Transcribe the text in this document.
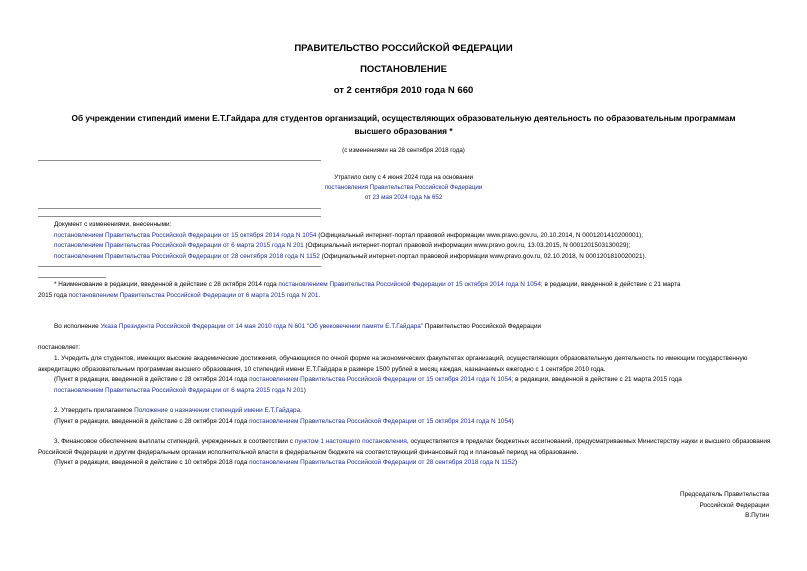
ПРАВИТЕЛЬСТВО РОССИЙСКОЙ ФЕДЕРАЦИИ
ПОСТАНОВЛЕНИЕ
от 2 сентября 2010 года N 660
Об учреждении стипендий имени Е.Т.Гайдара для студентов организаций, осуществляющих образовательную деятельность по образовательным программам
высшего образования *
(с изменениями на 28 сентября 2018 года)
Утратило силу с 4 июня 2024 года на основании
постановления Правительства Российской Федерации
от 23 мая 2024 года № 652
Документ с изменениями, внесенными:
постановлением Правительства Российской Федерации от 15 октября 2014 года N 1054 (Официальный интернет-портал правовой информации www.pravo.gov.ru, 20.10.2014, N 0001201410200001);
постановлением Правительства Российской Федерации от 6 марта 2015 года N 201 (Официальный интернет-портал правовой информации www.pravo.gov.ru, 13.03.2015, N 0001201503130029);
постановлением Правительства Российской Федерации от 28 сентября 2018 года N 1152 (Официальный интернет-портал правовой информации www.pravo.gov.ru, 02.10.2018, N 0001201810020021).
* Наименование в редакции, введенной в действие с 28 октября 2014 года постановлением Правительства Российской Федерации от 15 октября 2014 года N 1054; в редакции, введенной в действие с 21 марта
2015 года постановлением Правительства Российской Федерации от 6 марта 2015 года N 201.
Во исполнение Указа Президента Российской Федерации от 14 мая 2010 года N 601 "Об увековечении памяти Е.Т.Гайдара" Правительство Российской Федерации
постановляет:
1. Учредить для студентов, имеющих высокие академические достижения, обучающихся по очной форме на экономических факультетах организаций, осуществляющих образовательную деятельность по имеющим государственную аккредитацию образовательным программам высшего образования, 10 стипендий имени Е.Т.Гайдара в размере 1500 рублей в месяц каждая, назначаемых ежегодно с 1 сентября 2010 года.
(Пункт в редакции, введенной в действие с 28 октября 2014 года постановлением Правительства Российской Федерации от 15 октября 2014 года N 1054; в редакции, введенной в действие с 21 марта 2015 года
постановлением Правительства Российской Федерации от 6 марта 2015 года N 201)
2. Утвердить прилагаемое Положение о назначении стипендий имени Е.Т.Гайдара.
(Пункт в редакции, введенной в действие с 28 октября 2014 года постановлением Правительства Российской Федерации от 15 октября 2014 года N 1054)
3. Финансовое обеспечение выплаты стипендий, учрежденных в соответствии с пунктом 1 настоящего постановления, осуществляется в пределах бюджетных ассигнований, предусматриваемых Министерству науки и высшего образования Российской Федерации и другим федеральным органам исполнительной власти в федеральном бюджете на соответствующий финансовый год и плановый период на образование.
(Пункт в редакции, введенной в действие с 10 октября 2018 года постановлением Правительства Российской Федерации от 28 сентября 2018 года N 1152)
Председатель Правительства
Российской Федерации
В.Путин
